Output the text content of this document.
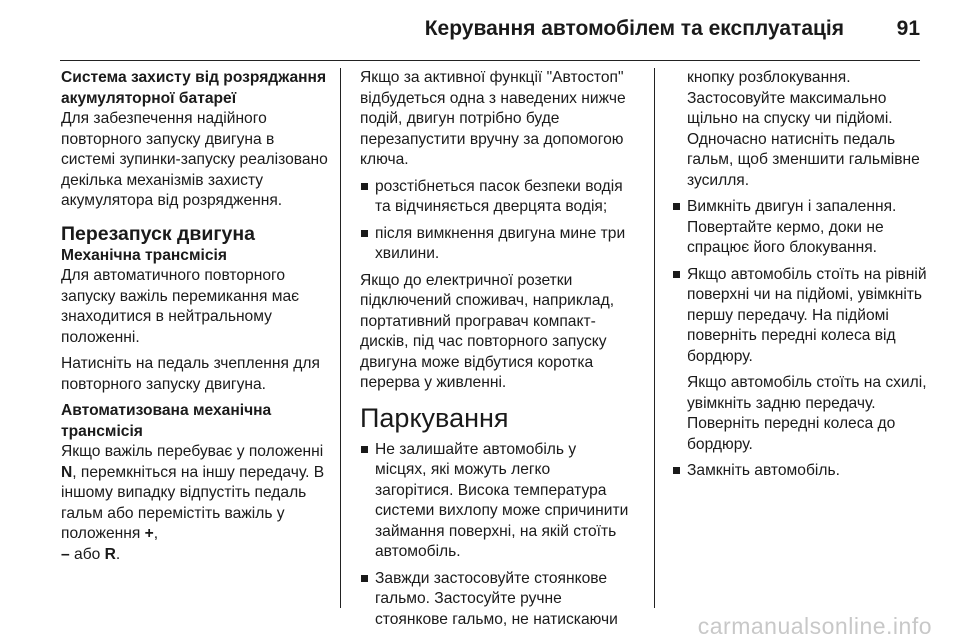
Керування автомобілем та експлуатація	91
Система захисту від розряджання акумуляторної батареї

Для забезпечення надійного повторного запуску двигуна в системі зупинки-запуску реалізовано декілька механізмів захисту акумулятора від розрядження.

Перезапуск двигуна
Механічна трансмісія

Для автоматичного повторного запуску важіль перемикання має знаходитися в нейтральному положенні.

Натисніть на педаль зчеплення для повторного запуску двигуна.

Автоматизована механічна трансмісія

Якщо важіль перебуває у положенні N, перемкніться на іншу передачу. В іншому випадку відпустіть педаль гальм або перемістіть важіль у положення +,
– або R.

Якщо за активної функції "Автостоп" відбудеться одна з наведених нижче подій, двигун потрібно буде перезапустити вручну за допомогою ключа.

розстібнеться пасок безпеки водія та відчиняється дверцята водія;
після вимкнення двигуна мине три хвилини.

Якщо до електричної розетки підключений споживач, наприклад, портативний програвач компакт-дисків, під час повторного запуску двигуна може відбутися коротка перерва у живленні.

Паркування
Не залишайте автомобіль у місцях, які можуть легко загорітися. Висока температура системи вихлопу може спричинити займання поверхні, на якій стоїть автомобіль.
Завжди застосовуйте стоянкове гальмо. Застосуйте ручне стоянкове гальмо, не натискаючи

кнопку розблокування. Застосовуйте максимально щільно на спуску чи підйомі. Одночасно натисніть педаль гальм, щоб зменшити гальмівне зусилля.

Вимкніть двигун і запалення. Повертайте кермо, доки не спрацює його блокування.

Якщо автомобіль стоїть на рівній поверхні чи на підйомі, увімкніть першу передачу. На підйомі поверніть передні колеса від бордюру.

Якщо автомобіль стоїть на схилі, увімкніть задню передачу. Поверніть передні колеса до бордюру.

Замкніть автомобіль.
carmanualsonline.info
